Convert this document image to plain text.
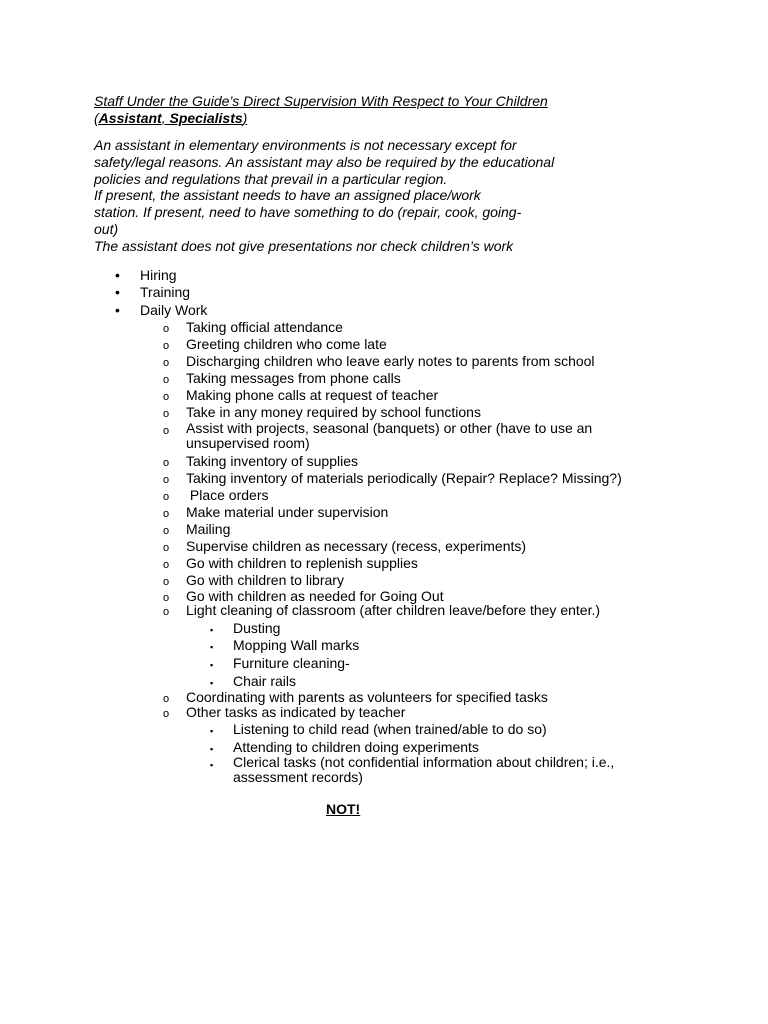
Staff Under the Guide’s Direct Supervision With Respect to Your Children
(Assistant, Specialists)
An assistant in elementary environments is not necessary except for
safety/legal reasons. An assistant may also be required by the educational
policies and regulations that prevail in a particular region.
If present, the assistant needs to have an assigned place/work
station. If present, need to have something to do (repair, cook, going-
out)
The assistant does not give presentations nor check children’s work
• Hiring
• Training
• Daily Work
o Taking official attendance
o Greeting children who come late
o Discharging children who leave early notes to parents from school
o Taking messages from phone calls
o Making phone calls at request of teacher
o Take in any money required by school functions
o Assist with projects, seasonal (banquets) or other (have to use an unsupervised room)
o Taking inventory of supplies
o Taking inventory of materials periodically (Repair? Replace? Missing?)
o Place orders
o Make material under supervision
o Mailing
o Supervise children as necessary (recess, experiments)
o Go with children to replenish supplies
o Go with children to library
o Go with children as needed for Going Out
o Light cleaning of classroom (after children leave/before they enter.)
▪ Dusting
▪ Mopping Wall marks
▪ Furniture cleaning-
▪ Chair rails
o Coordinating with parents as volunteers for specified tasks
o Other tasks as indicated by teacher
▪ Listening to child read (when trained/able to do so)
▪ Attending to children doing experiments
▪ Clerical tasks (not confidential information about children; i.e., assessment records)
NOT!
